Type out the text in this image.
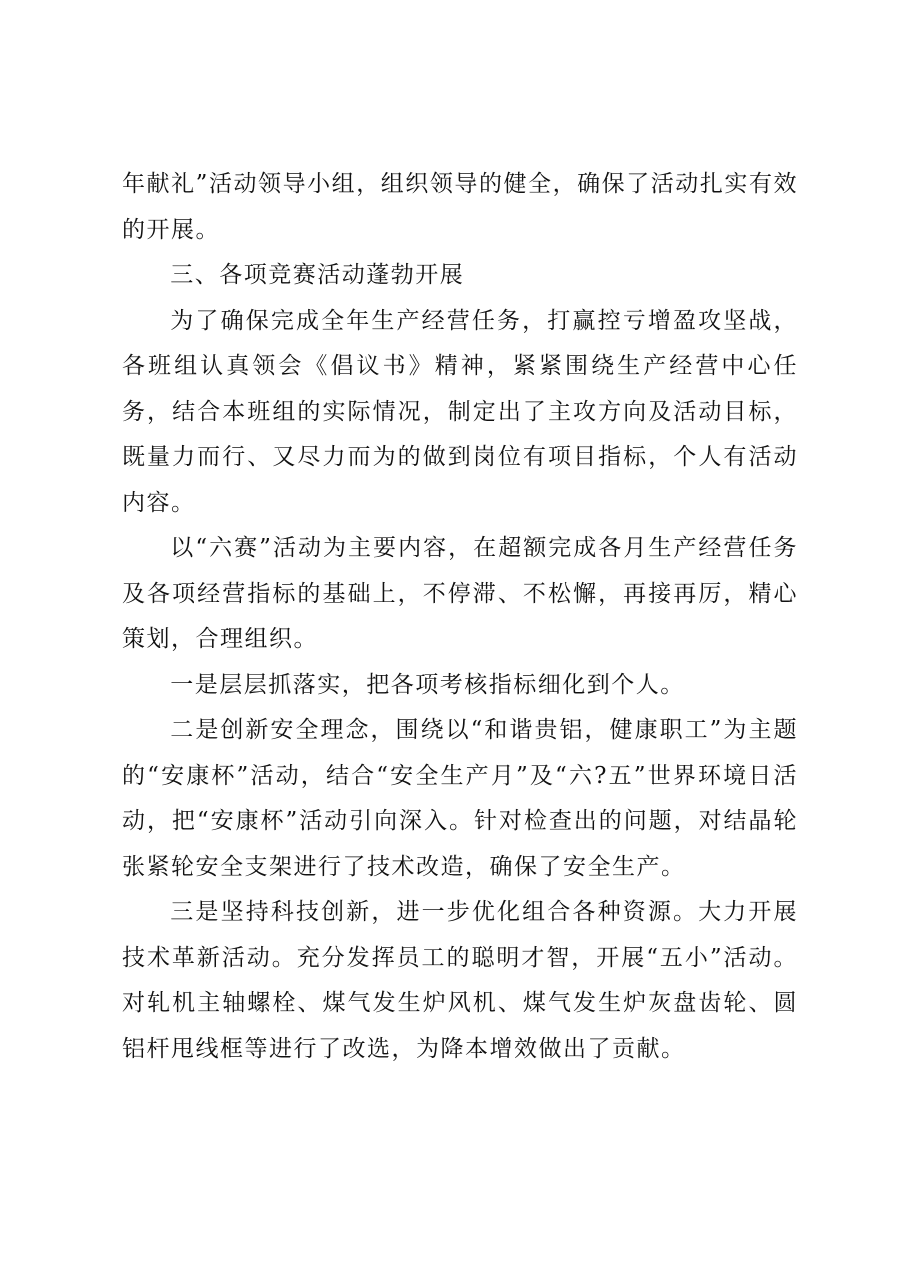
年献礼”活动领导小组，组织领导的健全，确保了活动扎实有效的开展。

三、各项竞赛活动蓬勃开展

为了确保完成全年生产经营任务，打赢控亏增盈攻坚战，各班组认真领会《倡议书》精神，紧紧围绕生产经营中心任务，结合本班组的实际情况，制定出了主攻方向及活动目标，既量力而行、又尽力而为的做到岗位有项目指标，个人有活动内容。

以“六赛”活动为主要内容，在超额完成各月生产经营任务及各项经营指标的基础上，不停滞、不松懈，再接再厉，精心策划，合理组织。

一是层层抓落实，把各项考核指标细化到个人。

二是创新安全理念，围绕以“和谐贵铝，健康职工”为主题的“安康杯”活动，结合“安全生产月”及“六?五”世界环境日活动，把“安康杯”活动引向深入。针对检查出的问题，对结晶轮张紧轮安全支架进行了技术改造，确保了安全生产。

三是坚持科技创新，进一步优化组合各种资源。大力开展技术革新活动。充分发挥员工的聪明才智，开展“五小”活动。对轧机主轴螺栓、煤气发生炉风机、煤气发生炉灰盘齿轮、圆铝杆甩线框等进行了改选，为降本增效做出了贡献。
